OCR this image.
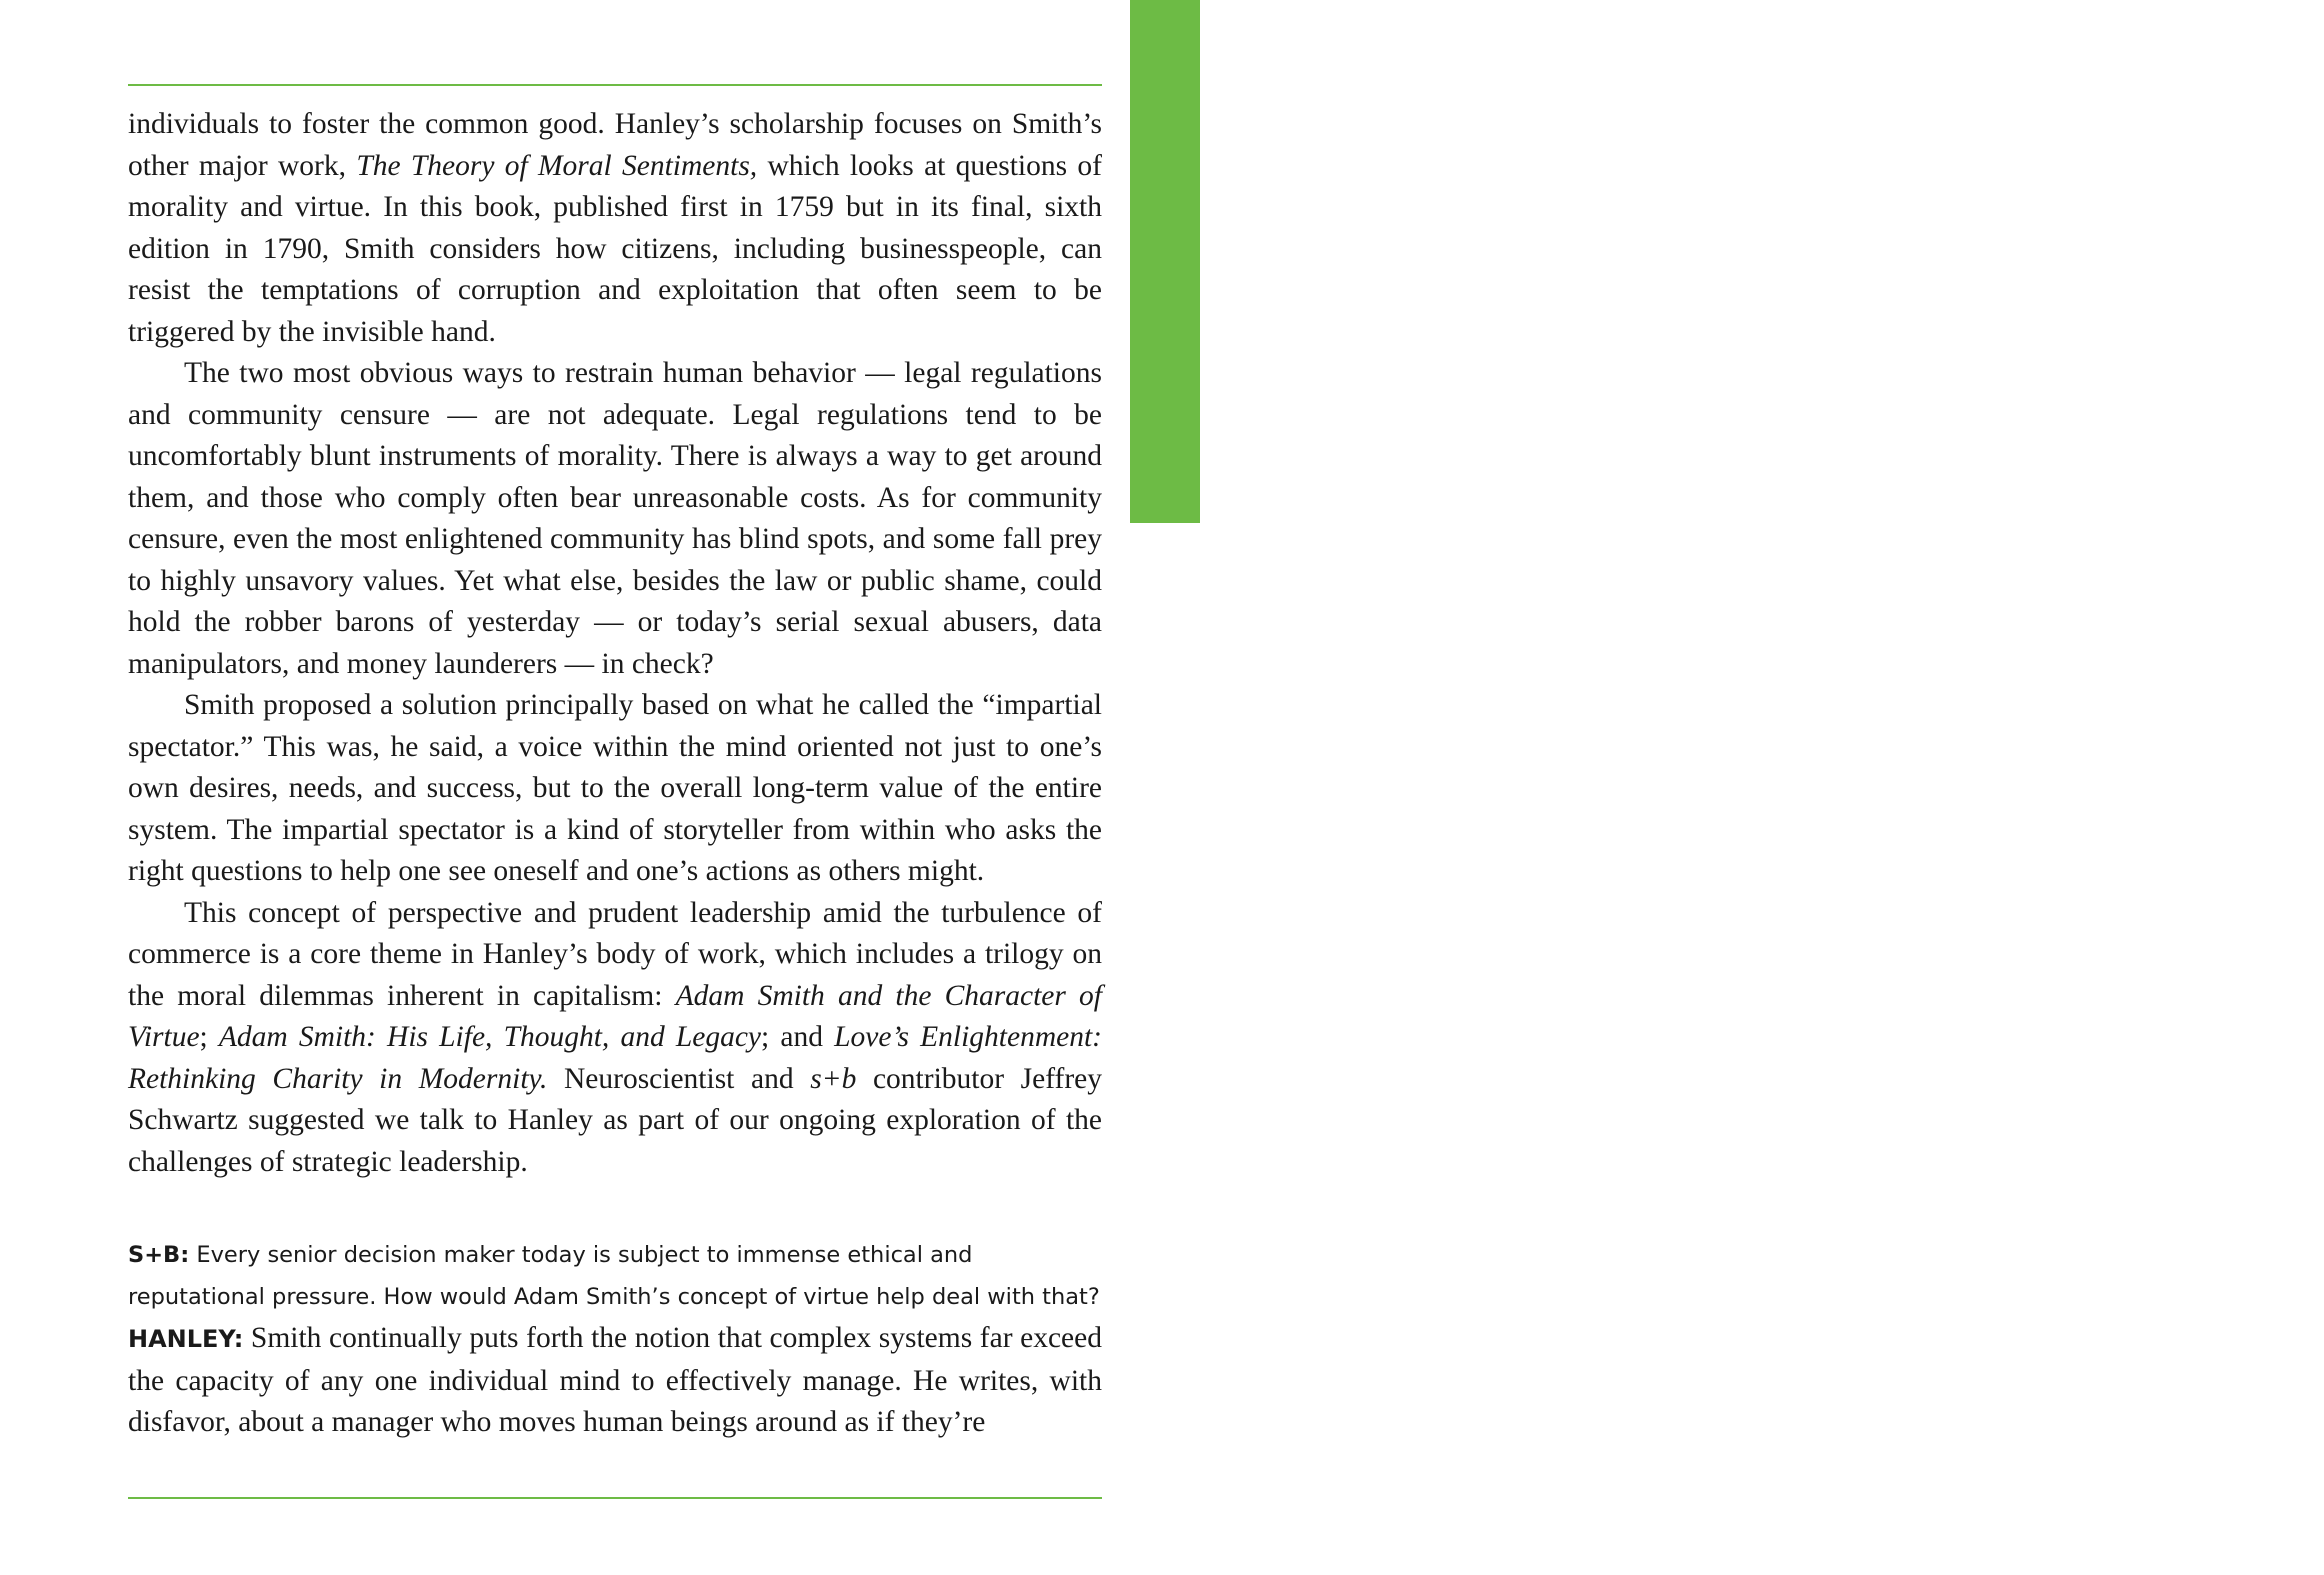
leading ideas
19

individuals to foster the common good. Hanley’s scholarship focuses on Smith’s other major work, The Theory of Moral Sentiments, which looks at questions of morality and virtue. In this book, published first in 1759 but in its final, sixth edition in 1790, Smith considers how citizens, including businesspeople, can resist the temptations of corruption and exploitation that often seem to be triggered by the invisible hand.

The two most obvious ways to restrain human behavior — legal regulations and community censure — are not adequate. Legal regulations tend to be uncomfortably blunt instruments of morality. There is always a way to get around them, and those who comply often bear unreasonable costs. As for community censure, even the most enlightened community has blind spots, and some fall prey to highly unsavory values. Yet what else, besides the law or public shame, could hold the robber barons of yesterday — or today’s serial sexual abusers, data manipulators, and money launderers — in check?

Smith proposed a solution principally based on what he called the “impartial spectator.” This was, he said, a voice within the mind oriented not just to one’s own desires, needs, and success, but to the overall long-term value of the entire system. The impartial spectator is a kind of storyteller from within who asks the right questions to help one see oneself and one’s actions as others might.

This concept of perspective and prudent leadership amid the turbulence of commerce is a core theme in Hanley’s body of work, which includes a trilogy on the moral dilemmas inherent in capitalism: Adam Smith and the Character of Virtue; Adam Smith: His Life, Thought, and Legacy; and Love’s Enlightenment: Rethinking Charity in Modernity. Neuroscientist and s+b contributor Jeffrey Schwartz suggested we talk to Hanley as part of our ongoing exploration of the challenges of strategic leadership.

S+B: Every senior decision maker today is subject to immense ethical and reputational pressure. How would Adam Smith’s concept of virtue help deal with that?

HANLEY: Smith continually puts forth the notion that complex systems far exceed the capacity of any one individual mind to effectively manage. He writes, with disfavor, about a manager who moves human beings around as if they’re
